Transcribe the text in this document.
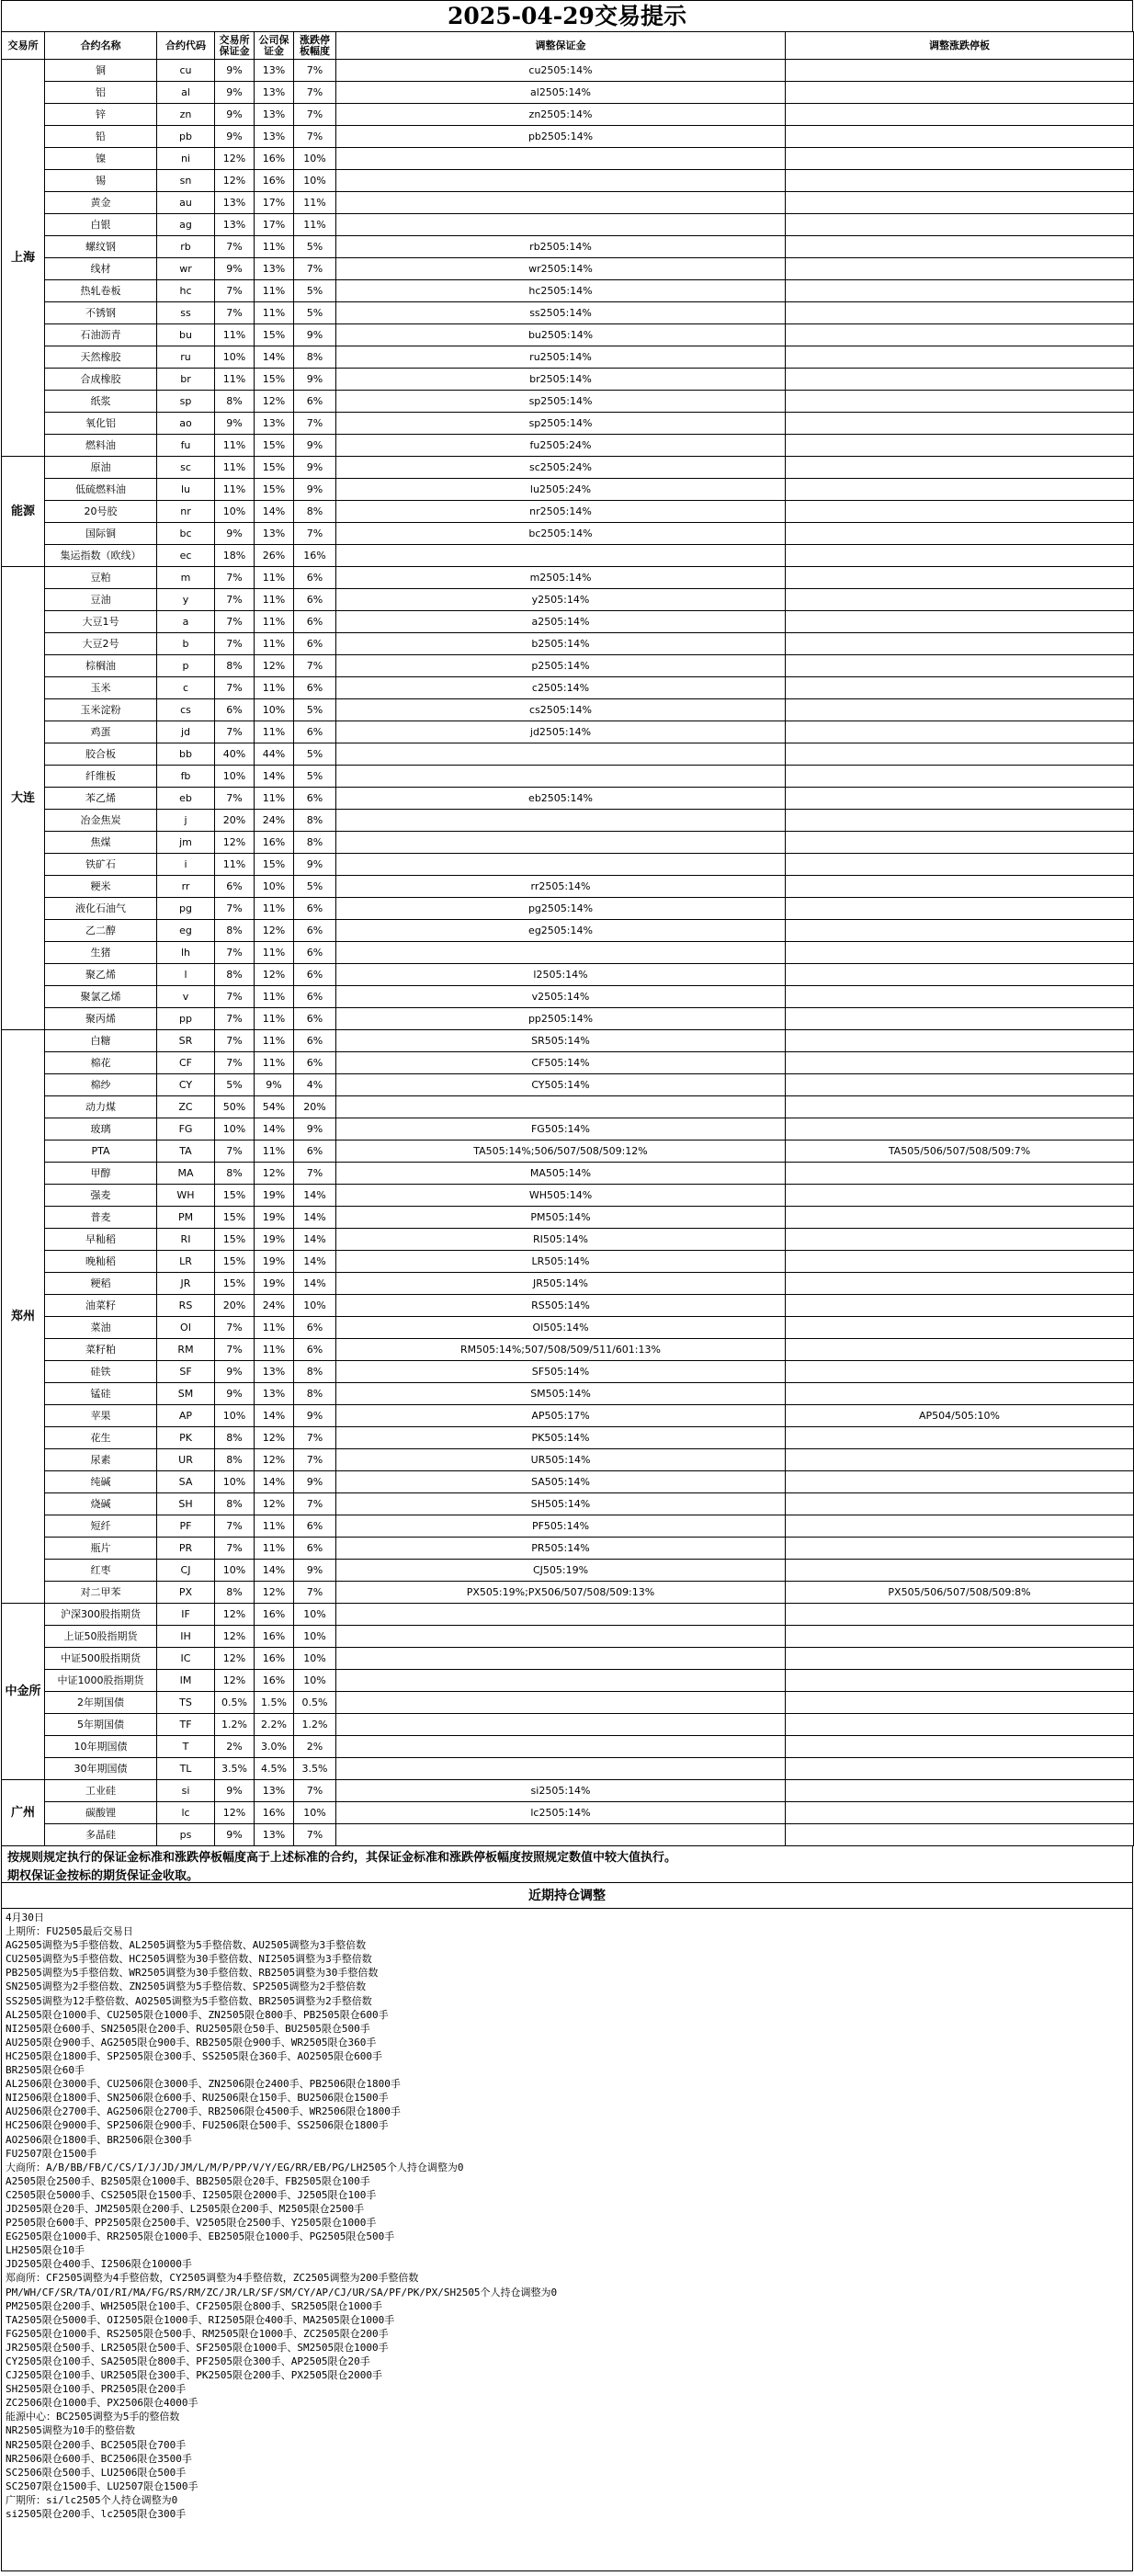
2025-04-29交易提示
交易所	合约名称	合约代码	交易所保证金	公司保证金	涨跌停板幅度	调整保证金	调整涨跌停板
上海	铜	cu	9%	13%	7%	cu2505:14%	
	铝	al	9%	13%	7%	al2505:14%	
	锌	zn	9%	13%	7%	zn2505:14%	
	铅	pb	9%	13%	7%	pb2505:14%	
	镍	ni	12%	16%	10%		
	锡	sn	12%	16%	10%		
	黄金	au	13%	17%	11%		
	白银	ag	13%	17%	11%		
	螺纹钢	rb	7%	11%	5%	rb2505:14%	
	线材	wr	9%	13%	7%	wr2505:14%	
	热轧卷板	hc	7%	11%	5%	hc2505:14%	
	不锈钢	ss	7%	11%	5%	ss2505:14%	
	石油沥青	bu	11%	15%	9%	bu2505:14%	
	天然橡胶	ru	10%	14%	8%	ru2505:14%	
	合成橡胶	br	11%	15%	9%	br2505:14%	
	纸浆	sp	8%	12%	6%	sp2505:14%	
	氧化铝	ao	9%	13%	7%	sp2505:14%	
	燃料油	fu	11%	15%	9%	fu2505:24%	
能源	原油	sc	11%	15%	9%	sc2505:24%	
	低硫燃料油	lu	11%	15%	9%	lu2505:24%	
	20号胶	nr	10%	14%	8%	nr2505:14%	
	国际铜	bc	9%	13%	7%	bc2505:14%	
	集运指数（欧线）	ec	18%	26%	16%		
大连	豆粕	m	7%	11%	6%	m2505:14%	
	豆油	y	7%	11%	6%	y2505:14%	
	大豆1号	a	7%	11%	6%	a2505:14%	
	大豆2号	b	7%	11%	6%	b2505:14%	
	棕榈油	p	8%	12%	7%	p2505:14%	
	玉米	c	7%	11%	6%	c2505:14%	
	玉米淀粉	cs	6%	10%	5%	cs2505:14%	
	鸡蛋	jd	7%	11%	6%	jd2505:14%	
	胶合板	bb	40%	44%	5%		
	纤维板	fb	10%	14%	5%		
	苯乙烯	eb	7%	11%	6%	eb2505:14%	
	冶金焦炭	j	20%	24%	8%		
	焦煤	jm	12%	16%	8%		
	铁矿石	i	11%	15%	9%		
	粳米	rr	6%	10%	5%	rr2505:14%	
	液化石油气	pg	7%	11%	6%	pg2505:14%	
	乙二醇	eg	8%	12%	6%	eg2505:14%	
	生猪	lh	7%	11%	6%		
	聚乙烯	l	8%	12%	6%	l2505:14%	
	聚氯乙烯	v	7%	11%	6%	v2505:14%	
	聚丙烯	pp	7%	11%	6%	pp2505:14%	
郑州	白糖	SR	7%	11%	6%	SR505:14%	
	棉花	CF	7%	11%	6%	CF505:14%	
	棉纱	CY	5%	9%	4%	CY505:14%	
	动力煤	ZC	50%	54%	20%		
	玻璃	FG	10%	14%	9%	FG505:14%	
	PTA	TA	7%	11%	6%	TA505:14%;506/507/508/509:12%	TA505/506/507/508/509:7%
	甲醇	MA	8%	12%	7%	MA505:14%	
	强麦	WH	15%	19%	14%	WH505:14%	
	普麦	PM	15%	19%	14%	PM505:14%	
	早籼稻	RI	15%	19%	14%	RI505:14%	
	晚籼稻	LR	15%	19%	14%	LR505:14%	
	粳稻	JR	15%	19%	14%	JR505:14%	
	油菜籽	RS	20%	24%	10%	RS505:14%	
	菜油	OI	7%	11%	6%	OI505:14%	
	菜籽粕	RM	7%	11%	6%	RM505:14%;507/508/509/511/601:13%	
	硅铁	SF	9%	13%	8%	SF505:14%	
	锰硅	SM	9%	13%	8%	SM505:14%	
	苹果	AP	10%	14%	9%	AP505:17%	AP504/505:10%
	花生	PK	8%	12%	7%	PK505:14%	
	尿素	UR	8%	12%	7%	UR505:14%	
	纯碱	SA	10%	14%	9%	SA505:14%	
	烧碱	SH	8%	12%	7%	SH505:14%	
	短纤	PF	7%	11%	6%	PF505:14%	
	瓶片	PR	7%	11%	6%	PR505:14%	
	红枣	CJ	10%	14%	9%	CJ505:19%	
	对二甲苯	PX	8%	12%	7%	PX505:19%;PX506/507/508/509:13%	PX505/506/507/508/509:8%
中金所	沪深300股指期货	IF	12%	16%	10%		
	上证50股指期货	IH	12%	16%	10%		
	中证500股指期货	IC	12%	16%	10%		
	中证1000股指期货	IM	12%	16%	10%		
	2年期国债	TS	0.5%	1.5%	0.5%		
	5年期国债	TF	1.2%	2.2%	1.2%		
	10年期国债	T	2%	3.0%	2%		
	30年期国债	TL	3.5%	4.5%	3.5%		
广州	工业硅	si	9%	13%	7%	si2505:14%	
	碳酸锂	lc	12%	16%	10%	lc2505:14%	
	多晶硅	ps	9%	13%	7%		
按规则规定执行的保证金标准和涨跌停板幅度高于上述标准的合约，其保证金标准和涨跌停板幅度按照规定数值中较大值执行。
期权保证金按标的期货保证金收取。
近期持仓调整
4月30日
上期所：FU2505最后交易日
AG2505调整为5手整倍数、AL2505调整为5手整倍数、AU2505调整为3手整倍数
CU2505调整为5手整倍数、HC2505调整为30手整倍数、NI2505调整为3手整倍数
PB2505调整为5手整倍数、WR2505调整为30手整倍数、RB2505调整为30手整倍数
SN2505调整为2手整倍数、ZN2505调整为5手整倍数、SP2505调整为2手整倍数
SS2505调整为12手整倍数、AO2505调整为5手整倍数、BR2505调整为2手整倍数
AL2505限仓1000手、CU2505限仓1000手、ZN2505限仓800手、PB2505限仓600手
NI2505限仓600手、SN2505限仓200手、RU2505限仓50手、BU2505限仓500手
AU2505限仓900手、AG2505限仓900手、RB2505限仓900手、WR2505限仓360手
HC2505限仓1800手、SP2505限仓300手、SS2505限仓360手、AO2505限仓600手
BR2505限仓60手
AL2506限仓3000手、CU2506限仓3000手、ZN2506限仓2400手、PB2506限仓1800手
NI2506限仓1800手、SN2506限仓600手、RU2506限仓150手、BU2506限仓1500手
AU2506限仓2700手、AG2506限仓2700手、RB2506限仓4500手、WR2506限仓1800手
HC2506限仓9000手、SP2506限仓900手、FU2506限仓500手、SS2506限仓1800手
AO2506限仓1800手、BR2506限仓300手
FU2507限仓1500手
大商所：A/B/BB/FB/C/CS/I/J/JD/JM/L/M/P/PP/V/Y/EG/RR/EB/PG/LH2505个人持仓调整为0
A2505限仓2500手、B2505限仓1000手、BB2505限仓20手、FB2505限仓100手
C2505限仓5000手、CS2505限仓1500手、I2505限仓2000手、J2505限仓100手
JD2505限仓20手、JM2505限仓200手、L2505限仓200手、M2505限仓2500手
P2505限仓600手、PP2505限仓2500手、V2505限仓2500手、Y2505限仓1000手
EG2505限仓1000手、RR2505限仓1000手、EB2505限仓1000手、PG2505限仓500手
LH2505限仓10手
JD2505限仓400手、I2506限仓10000手
郑商所：CF2505调整为4手整倍数，CY2505调整为4手整倍数，ZC2505调整为200手整倍数
PM/WH/CF/SR/TA/OI/RI/MA/FG/RS/RM/ZC/JR/LR/SF/SM/CY/AP/CJ/UR/SA/PF/PK/PX/SH2505个人持仓调整为0
PM2505限仓200手、WH2505限仓100手、CF2505限仓800手、SR2505限仓1000手
TA2505限仓5000手、OI2505限仓1000手、RI2505限仓400手、MA2505限仓1000手
FG2505限仓1000手、RS2505限仓500手、RM2505限仓1000手、ZC2505限仓200手
JR2505限仓500手、LR2505限仓500手、SF2505限仓1000手、SM2505限仓1000手
CY2505限仓100手、SA2505限仓800手、PF2505限仓300手、AP2505限仓20手
CJ2505限仓100手、UR2505限仓300手、PK2505限仓200手、PX2505限仓2000手
SH2505限仓100手、PR2505限仓200手
ZC2506限仓1000手、PX2506限仓4000手
能源中心：BC2505调整为5手的整倍数
NR2505调整为10手的整倍数
NR2505限仓200手、BC2505限仓700手
NR2506限仓600手、BC2506限仓3500手
SC2506限仓500手、LU2506限仓500手
SC2507限仓1500手、LU2507限仓1500手
广期所：si/lc2505个人持仓调整为0
si2505限仓200手、lc2505限仓300手
